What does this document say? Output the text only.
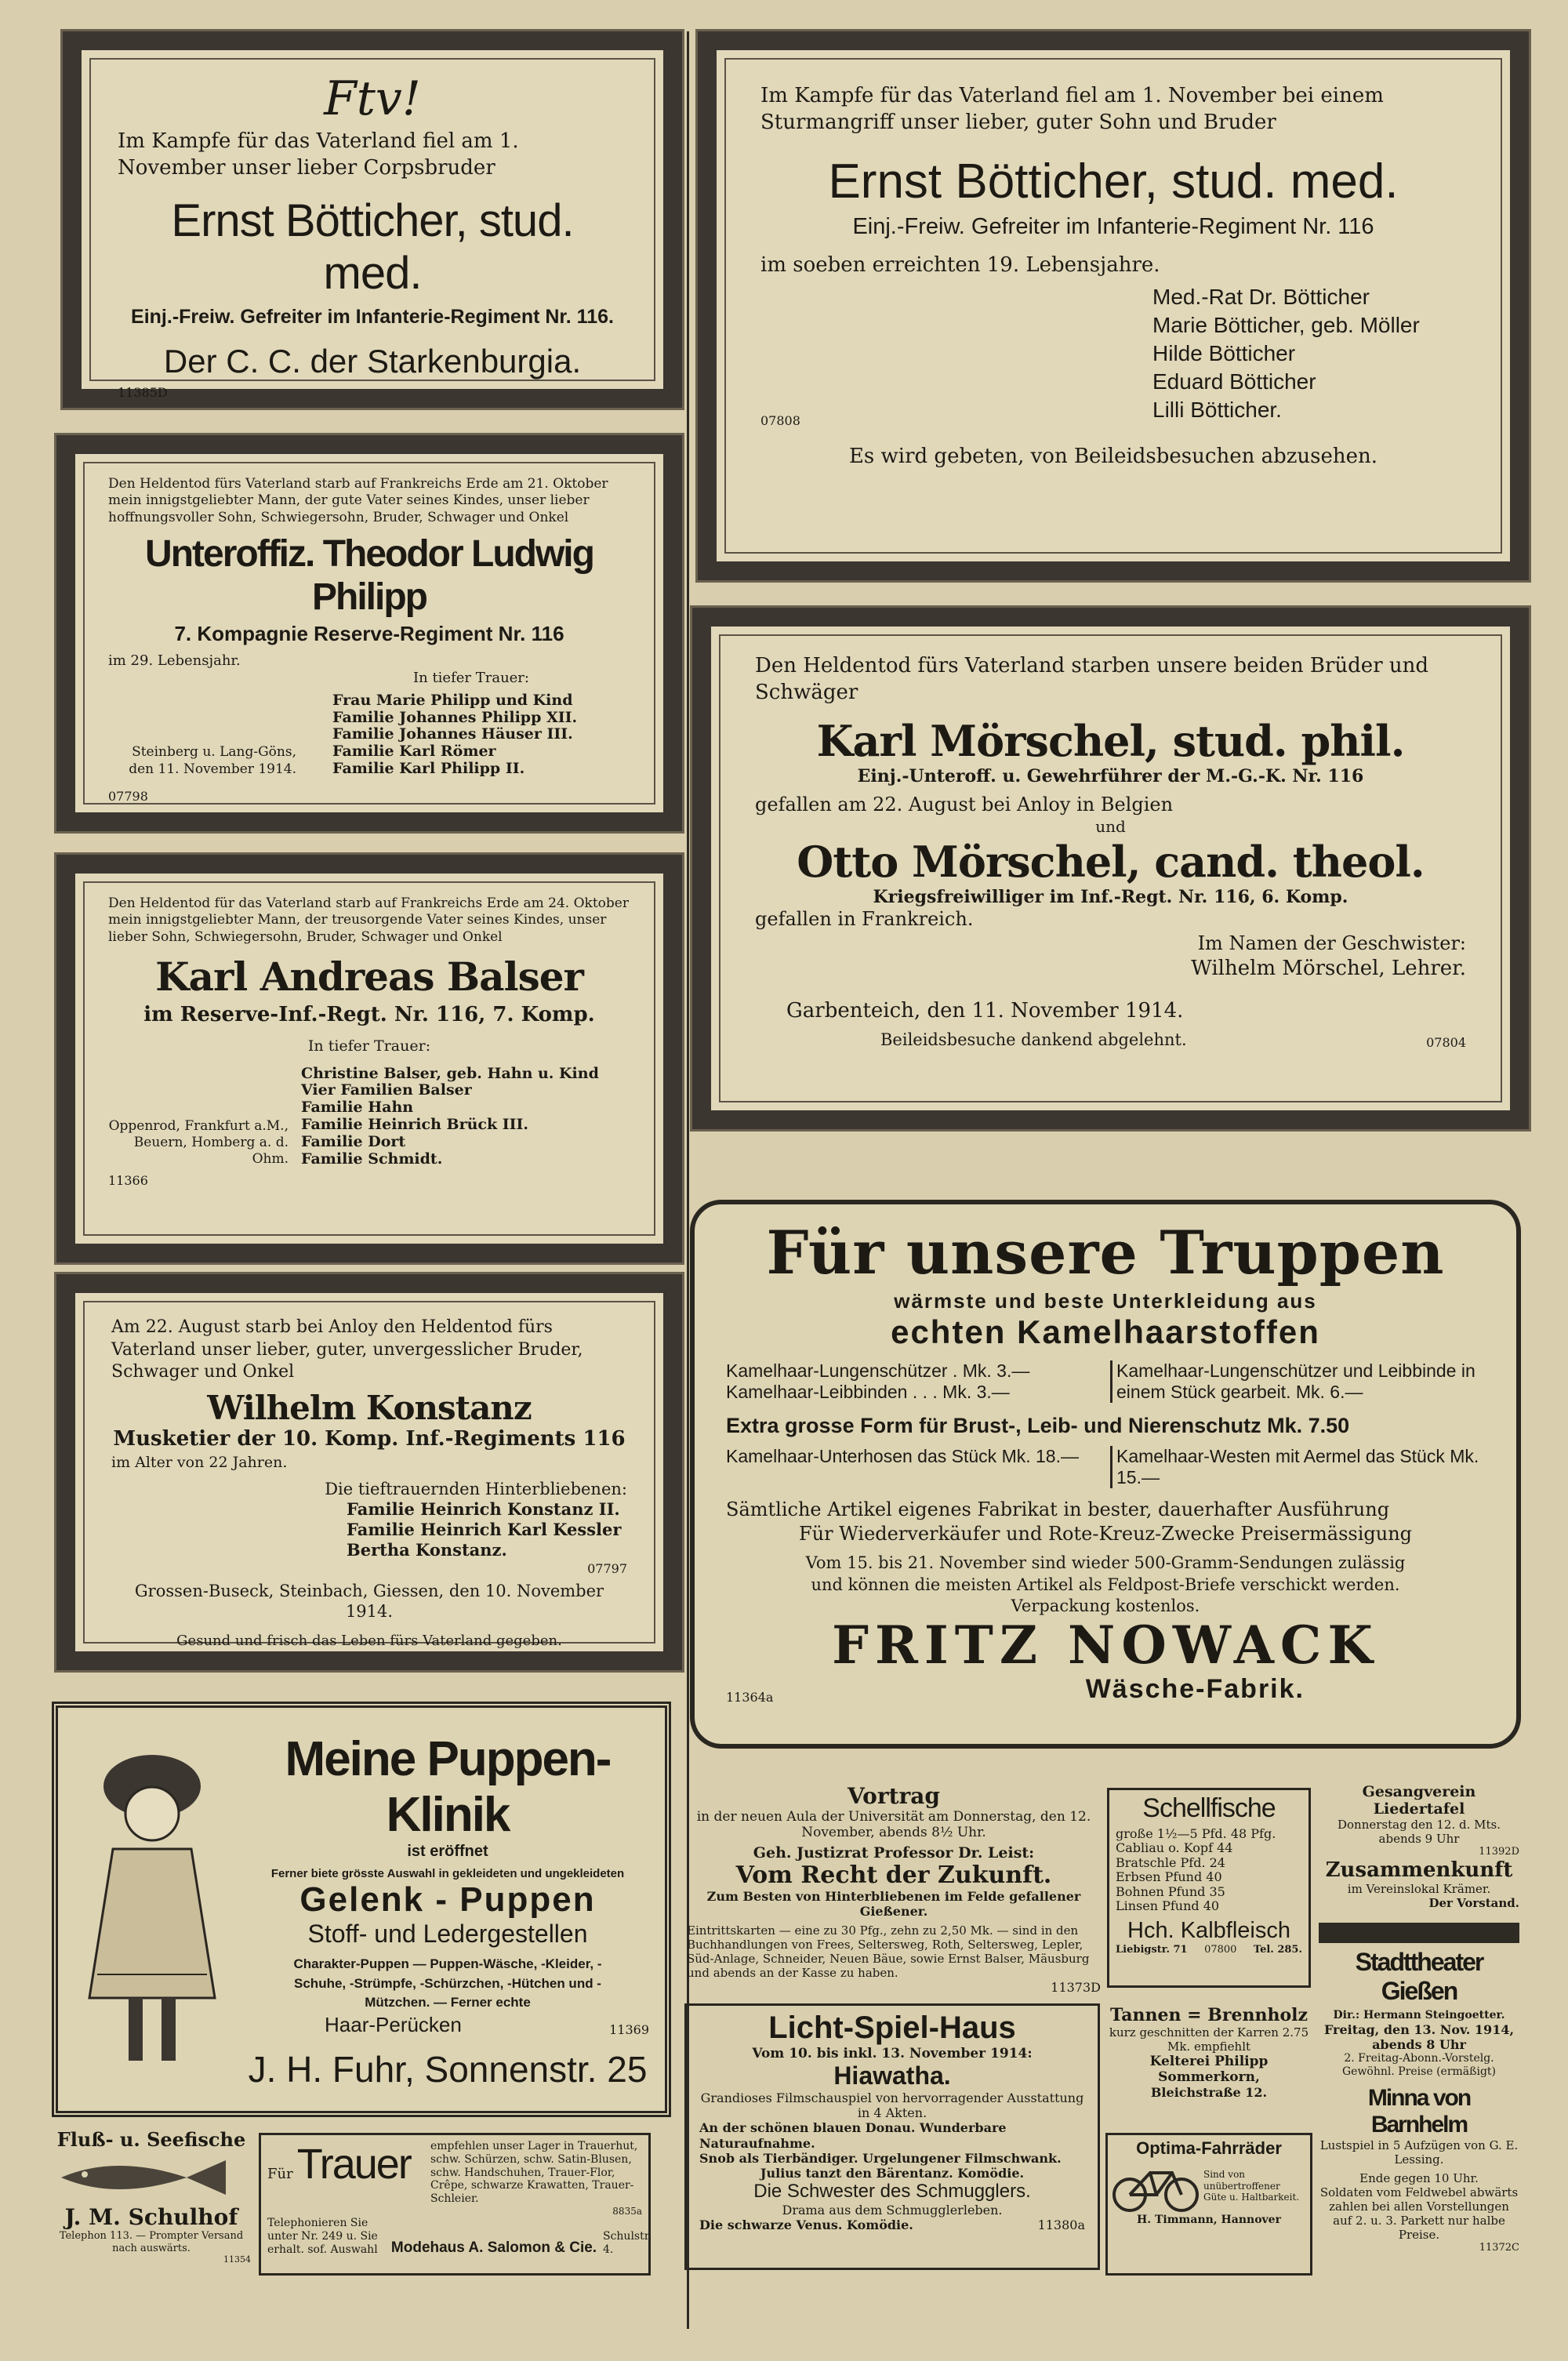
Ftv!

Im Kampfe für das Vaterland fiel am 1. November unser lieber Corpsbruder

Ernst Bötticher, stud. med.

Einj.-Freiw. Gefreiter im Infanterie-Regiment Nr. 116.

Der C. C. der Starkenburgia.

11385D

Im Kampfe für das Vaterland fiel am 1. November bei einem Sturmangriff unser lieber, guter Sohn und Bruder

Ernst Bötticher, stud. med.

Einj.-Freiw. Gefreiter im Infanterie-Regiment Nr. 116

im soeben erreichten 19. Lebensjahre.

Med.-Rat Dr. Bötticher

Marie Bötticher, geb. Möller

Hilde Bötticher

Eduard Bötticher

Lilli Bötticher.

07808

Es wird gebeten, von Beileidsbesuchen abzusehen.

Den Heldentod fürs Vaterland starb auf Frankreichs Erde am 21. Oktober mein innigstgeliebter Mann, der gute Vater seines Kindes, unser lieber hoffnungsvoller Sohn, Schwiegersohn, Bruder, Schwager und Onkel

Unteroffiz. Theodor Ludwig Philipp

7. Kompagnie Reserve-Regiment Nr. 116

im 29. Lebensjahr.

In tiefer Trauer:

Steinberg u. Lang-Göns, den 11. November 1914.

Frau Marie Philipp und Kind

Familie Johannes Philipp XII.

Familie Johannes Häuser III.

Familie Karl Römer

Familie Karl Philipp II.

07798

Den Heldentod für das Vaterland starb auf Frankreichs Erde am 24. Oktober mein innigstgeliebter Mann, der treusorgende Vater seines Kindes, unser lieber Sohn, Schwiegersohn, Bruder, Schwager und Onkel

Karl Andreas Balser

im Reserve-Inf.-Regt. Nr. 116, 7. Komp.

In tiefer Trauer:

Oppenrod, Frankfurt a.M., Beuern, Homberg a. d. Ohm.

Christine Balser, geb. Hahn u. Kind

Vier Familien Balser

Familie Hahn

Familie Heinrich Brück III.

Familie Dort

Familie Schmidt.

11366

Am 22. August starb bei Anloy den Heldentod fürs Vaterland unser lieber, guter, unvergesslicher Bruder, Schwager und Onkel

Wilhelm Konstanz

Musketier der 10. Komp. Inf.-Regiments 116

im Alter von 22 Jahren.

Die tieftrauernden Hinterbliebenen:

Familie Heinrich Konstanz II.

Familie Heinrich Karl Kessler

Bertha Konstanz.

07797

Grossen-Buseck, Steinbach, Giessen, den 10. November 1914.

Gesund und frisch das Leben fürs Vaterland gegeben.

Den Heldentod fürs Vaterland starben unsere beiden Brüder und Schwäger

Karl Mörschel, stud. phil.

Einj.-Unteroff. u. Gewehrführer der M.-G.-K. Nr. 116

gefallen am 22. August bei Anloy in Belgien

und

Otto Mörschel, cand. theol.

Kriegsfreiwilliger im Inf.-Regt. Nr. 116, 6. Komp.

gefallen in Frankreich.

Im Namen der Geschwister:

Wilhelm Mörschel, Lehrer.

Garbenteich, den 11. November 1914.

Beileidsbesuche dankend abgelehnt.	07804

Für unsere Truppen

wärmste und beste Unterkleidung aus

echten Kamelhaarstoffen

Kamelhaar-Lungenschützer . Mk. 3.—

Kamelhaar-Leibbinden . . . Mk. 3.—

Kamelhaar-Lungenschützer und Leibbinde in einem Stück gearbeit. Mk. 6.—

Extra grosse Form für Brust-, Leib- und Nierenschutz Mk. 7.50

Kamelhaar-Unterhosen das Stück Mk. 18.—	Kamelhaar-Westen mit Aermel das Stück Mk. 15.—

Sämtliche Artikel eigenes Fabrikat in bester, dauerhafter Ausführung

Für Wiederverkäufer und Rote-Kreuz-Zwecke Preisermässigung

Vom 15. bis 21. November sind wieder 500-Gramm-Sendungen zulässig und können die meisten Artikel als Feldpost-Briefe verschickt werden. Verpackung kostenlos.

FRITZ NOWACK

11364a	Wäsche-Fabrik.

Meine Puppen-Klinik

ist eröffnet

Ferner biete grösste Auswahl in gekleideten und ungekleideten

Gelenk - Puppen

Stoff- und Ledergestellen

Charakter-Puppen — Puppen-Wäsche, -Kleider, -Schuhe, -Strümpfe, -Schürzchen, -Hütchen und -Mützchen. — Ferner echte

Haar-Perücken	11369

J. H. Fuhr, Sonnenstr. 25

Vortrag

in der neuen Aula der Universität am Donnerstag, den 12. November, abends 8½ Uhr.

Geh. Justizrat Professor Dr. Leist:

Vom Recht der Zukunft.

Zum Besten von Hinterbliebenen im Felde gefallener Gießener.

Eintrittskarten — eine zu 30 Pfg., zehn zu 2,50 Mk. — sind in den Buchhandlungen von Frees, Seltersweg, Roth, Seltersweg, Lepler, Süd-Anlage, Schneider, Neuen Bäue, sowie Ernst Balser, Mäusburg und abends an der Kasse zu haben.

11373D

Schellfische

große 1½—5 Pfd. 48 Pfg.

Cabliau o. Kopf 44

Bratschle Pfd. 24

Erbsen Pfund 40

Bohnen Pfund 35

Linsen Pfund 40

Hch. Kalbfleisch

Liebigstr. 71 07800 Tel. 285.

Gesangverein Liedertafel

Donnerstag den 12. d. Mts. abends 9 Uhr

11392D

Zusammenkunft

im Vereinslokal Krämer.

Der Vorstand.

Licht-Spiel-Haus

Vom 10. bis inkl. 13. November 1914:

Hiawatha.

Grandioses Filmschauspiel von hervorragender Ausstattung in 4 Akten.

An der schönen blauen Donau. Wunderbare Naturaufnahme.

Snob als Tierbändiger. Urgelungener Filmschwank.

Julius tanzt den Bärentanz. Komödie.

Die Schwester des Schmugglers.

Drama aus dem Schmugglerleben.

Die schwarze Venus. Komödie.	11380a

Tannen = Brennholz

kurz geschnitten der Karren 2.75 Mk. empfiehlt

Kelterei Philipp Sommerkorn,

Bleichstraße 12.

Stadttheater Gießen

Dir.: Hermann Steingoetter.

Freitag, den 13. Nov. 1914, abends 8 Uhr

2. Freitag-Abonn.-Vorstelg. Gewöhnl. Preise (ermäßigt)

Minna von Barnhelm

Lustspiel in 5 Aufzügen von G. E. Lessing.

Ende gegen 10 Uhr.

Soldaten vom Feldwebel abwärts zahlen bei allen Vorstellungen auf 2. u. 3. Parkett nur halbe Preise.

11372C

Fluß- u. Seefische

J. M. Schulhof

Telephon 113. — Prompter Versand nach auswärts.

11354

Für Trauer	empfehlen unser Lager in Trauerhut, schw. Schürzen, schw. Satin-Blusen, schw. Handschuhen, Trauer-Flor, Crêpe, schwarze Krawatten, Trauer-Schleier.

8835a

Telephonieren Sie unter Nr. 249 u. Sie erhalt. sof. Auswahl Modehaus A. Salomon & Cie.

Schulstr. 4.

Optima-Fahrräder

Sind von unübertroffener Güte u. Haltbarkeit.

H. Timmann, Hannover
